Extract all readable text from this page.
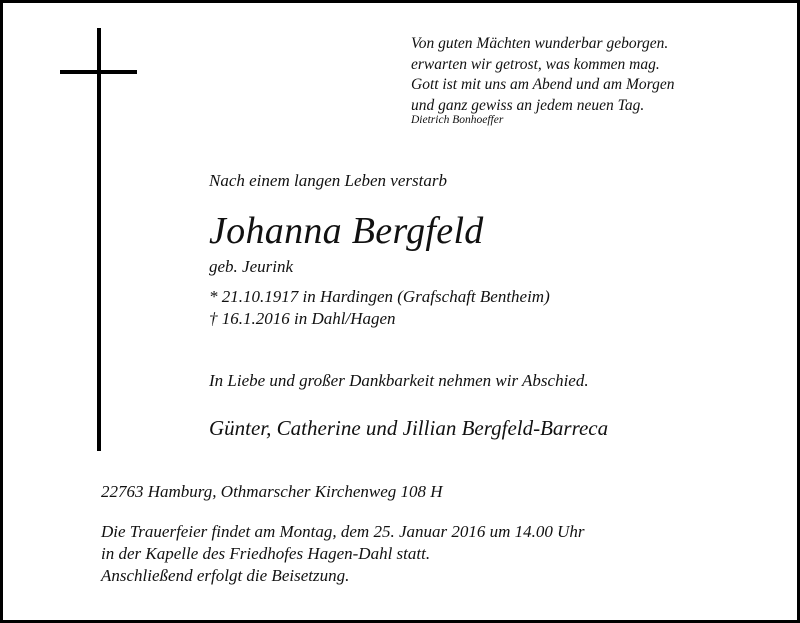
Von guten Mächten wunderbar geborgen.
erwarten wir getrost, was kommen mag.
Gott ist mit uns am Abend und am Morgen
und ganz gewiss an jedem neuen Tag.
Dietrich Bonhoeffer
Nach einem langen Leben verstarb
Johanna Bergfeld
geb. Jeurink
* 21.10.1917 in Hardingen (Grafschaft Bentheim)
† 16.1.2016 in Dahl/Hagen
In Liebe und großer Dankbarkeit nehmen wir Abschied.
Günter, Catherine und Jillian Bergfeld-Barreca
22763 Hamburg, Othmarscher Kirchenweg 108 H
Die Trauerfeier findet am Montag, dem 25. Januar 2016 um 14.00 Uhr
in der Kapelle des Friedhofes Hagen-Dahl statt.
Anschließend erfolgt die Beisetzung.
